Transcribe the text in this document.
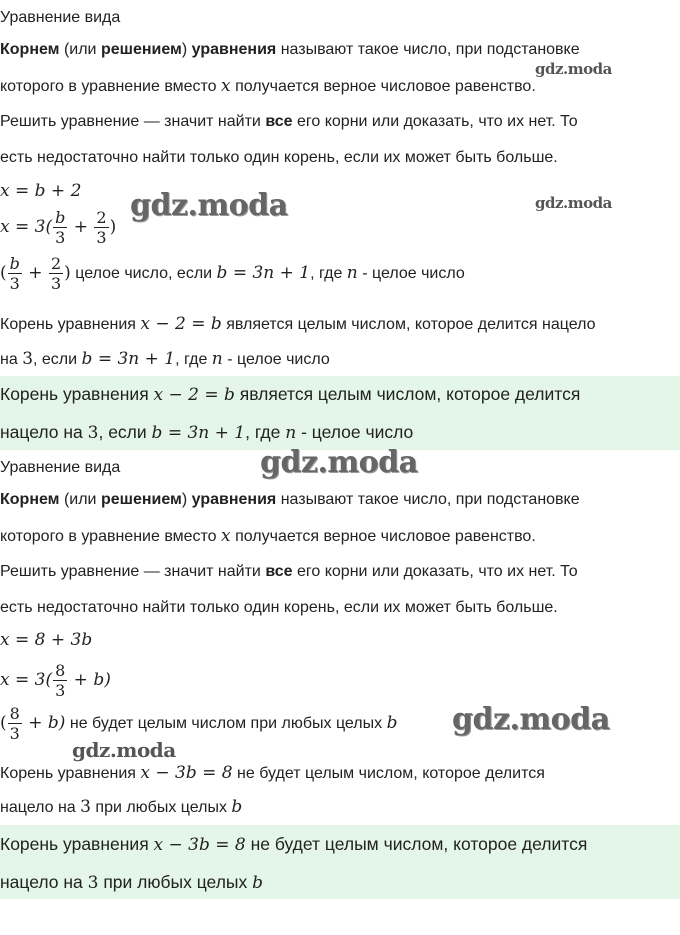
Уравнение вида
Корнем (или решением) уравнения называют такое число, при подстановке
которого в уравнение вместо x получается верное числовое равенство.
Решить уравнение — значит найти все его корни или доказать, что их нет. То
есть недостаточно найти только один корень, если их может быть больше.
x = b + 2
$x = 3( \frac{b}{3} + \frac{2}{3}$ )
( $\frac{b}{3} + \frac{2}{3}$ ) целое число, если b = 3n + 1, где n - целое число
Корень уравнения x − 2 = b является целым числом, которое делится нацело
на 3, если b = 3n + 1, где n - целое число
Корень уравнения x − 2 = b является целым числом, которое делится
нацело на 3, если b = 3n + 1, где n - целое число
Уравнение вида
Корнем (или решением) уравнения называют такое число, при подстановке
которого в уравнение вместо x получается верное числовое равенство.
Решить уравнение — значит найти все его корни или доказать, что их нет. То
есть недостаточно найти только один корень, если их может быть больше.
x = 8 + 3b
$x = 3( \frac{8}{3} + b)$
( $\frac{8}{3} + b$) не будет целым числом при любых целых b
Корень уравнения x − 3b = 8 не будет целым числом, которое делится
нацело на 3 при любых целых b
Корень уравнения x − 3b = 8 не будет целым числом, которое делится
нацело на 3 при любых целых b
gdz.moda
gdz.moda	gdz.moda
gdz.moda
gdz.moda
gdz.moda
